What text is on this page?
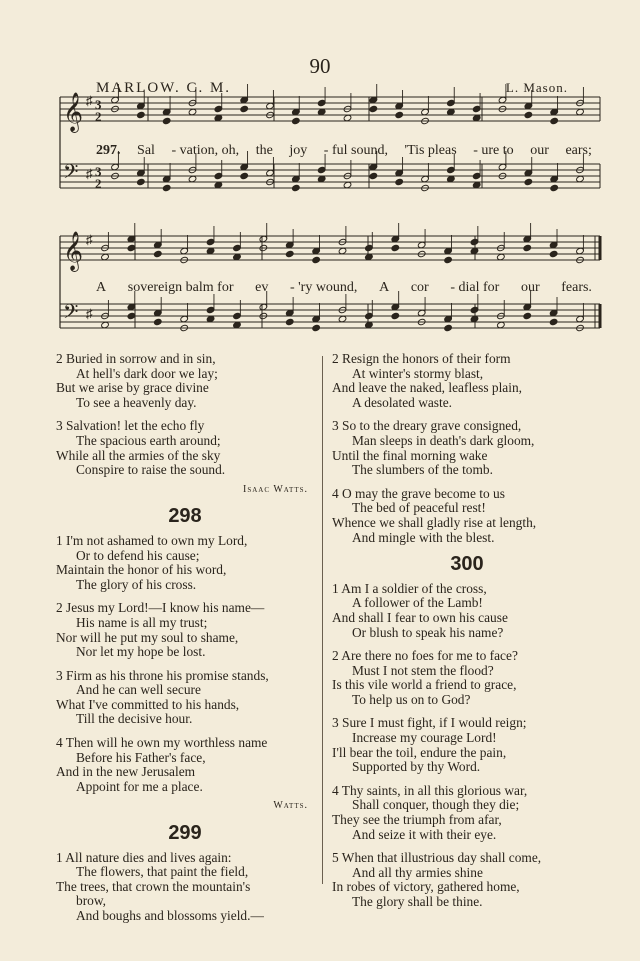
90
MARLOW. C. M.	L. Mason.
𝄞 ♯ 3
2
𝄢 ♯ 3
2
𝄞 ♯
𝄢 ♯
297. Sal - vation, oh, the joy - ful sound, 'Tis pleas - ure to our ears;
A sovereign balm for ev - 'ry wound, A cor - dial for our fears.
2 Buried in sorrow and in sin,
At hell's dark door we lay;
But we arise by grace divine
To see a heavenly day.
3 Salvation! let the echo fly
The spacious earth around;
While all the armies of the sky
Conspire to raise the sound.
Isaac Watts.
298
1 I'm not ashamed to own my Lord,
Or to defend his cause;
Maintain the honor of his word,
The glory of his cross.
2 Jesus my Lord!—I know his name—
His name is all my trust;
Nor will he put my soul to shame,
Nor let my hope be lost.
3 Firm as his throne his promise stands,
And he can well secure
What I've committed to his hands,
Till the decisive hour.
4 Then will he own my worthless name
Before his Father's face,
And in the new Jerusalem
Appoint for me a place.
Watts.
299
1 All nature dies and lives again:
The flowers, that paint the field,
The trees, that crown the mountain's
brow,
And boughs and blossoms yield.—
2 Resign the honors of their form
At winter's stormy blast,
And leave the naked, leafless plain,
A desolated waste.
3 So to the dreary grave consigned,
Man sleeps in death's dark gloom,
Until the final morning wake
The slumbers of the tomb.
4 O may the grave become to us
The bed of peaceful rest!
Whence we shall gladly rise at length,
And mingle with the blest.
300
1 Am I a soldier of the cross,
A follower of the Lamb!
And shall I fear to own his cause
Or blush to speak his name?
2 Are there no foes for me to face?
Must I not stem the flood?
Is this vile world a friend to grace,
To help us on to God?
3 Sure I must fight, if I would reign;
Increase my courage Lord!
I'll bear the toil, endure the pain,
Supported by thy Word.
4 Thy saints, in all this glorious war,
Shall conquer, though they die;
They see the triumph from afar,
And seize it with their eye.
5 When that illustrious day shall come,
And all thy armies shine
In robes of victory, gathered home,
The glory shall be thine.
